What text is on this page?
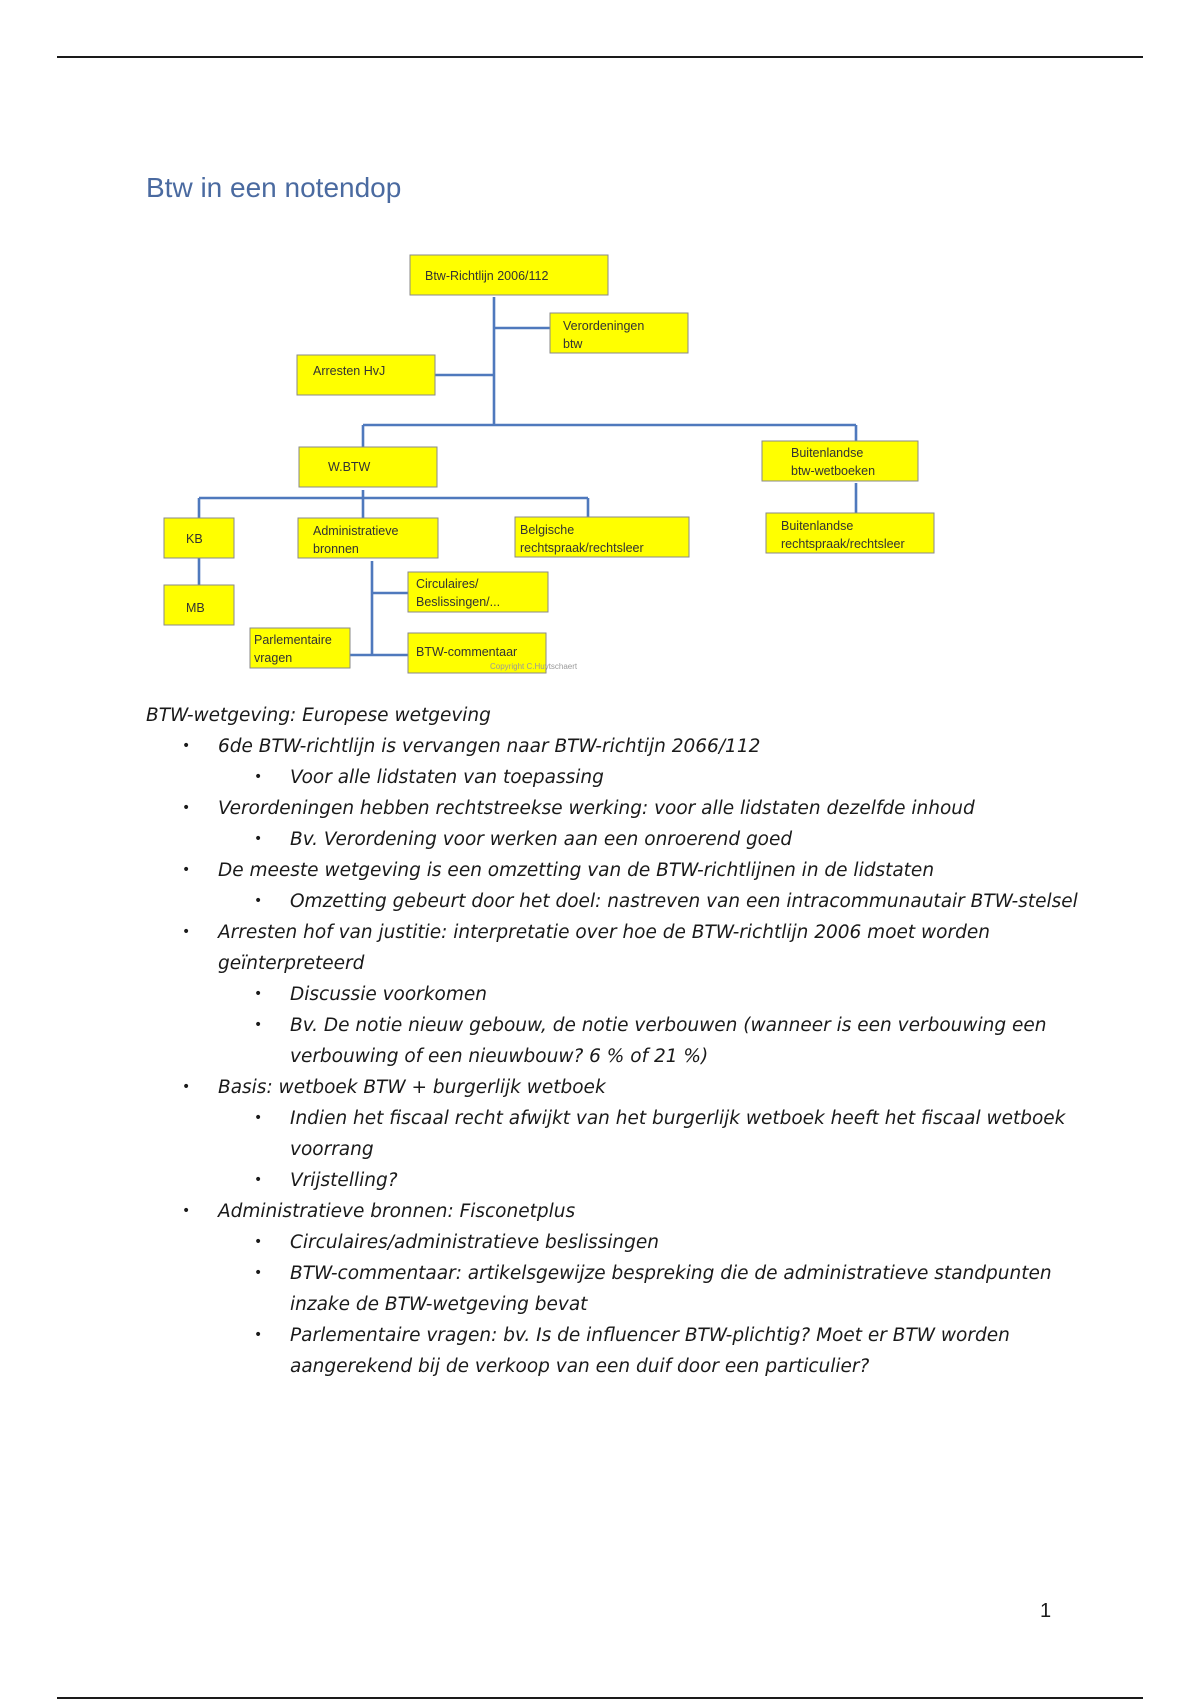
Btw in een notendop
Btw-Richtlijn 2006/112
Verordeningen
btw
Arresten HvJ
W.BTW
Buitenlandse
btw-wetboeken
KB
MB
Administratieve
bronnen
Belgische
rechtspraak/rechtsleer
Buitenlandse
rechtspraak/rechtsleer
Circulaires/
Beslissingen/...
Parlementaire
vragen	BTW-commentaar
Copyright C.Huytschaert

BTW-wetgeving: Europese wetgeving

• 6de BTW-richtlijn is vervangen naar BTW-richtijn 2066/112
• Voor alle lidstaten van toepassing
• Verordeningen hebben rechtstreekse werking: voor alle lidstaten dezelfde inhoud
• Bv. Verordening voor werken aan een onroerend goed
• De meeste wetgeving is een omzetting van de BTW-richtlijnen in de lidstaten
• Omzetting gebeurt door het doel: nastreven van een intracommunautair BTW-stelsel
• Arresten hof van justitie: interpretatie over hoe de BTW-richtlijn 2006 moet worden geïnterpreteerd
• Discussie voorkomen
• Bv. De notie nieuw gebouw, de notie verbouwen (wanneer is een verbouwing een verbouwing of een nieuwbouw? 6 % of 21 %)
• Basis: wetboek BTW + burgerlijk wetboek
• Indien het fiscaal recht afwijkt van het burgerlijk wetboek heeft het fiscaal wetboek voorrang
• Vrijstelling?
• Administratieve bronnen: Fisconetplus
• Circulaires/administratieve beslissingen
• BTW-commentaar: artikelsgewijze bespreking die de administratieve standpunten inzake de BTW-wetgeving bevat
• Parlementaire vragen: bv. Is de influencer BTW-plichtig? Moet er BTW worden aangerekend bij de verkoop van een duif door een particulier?
1
